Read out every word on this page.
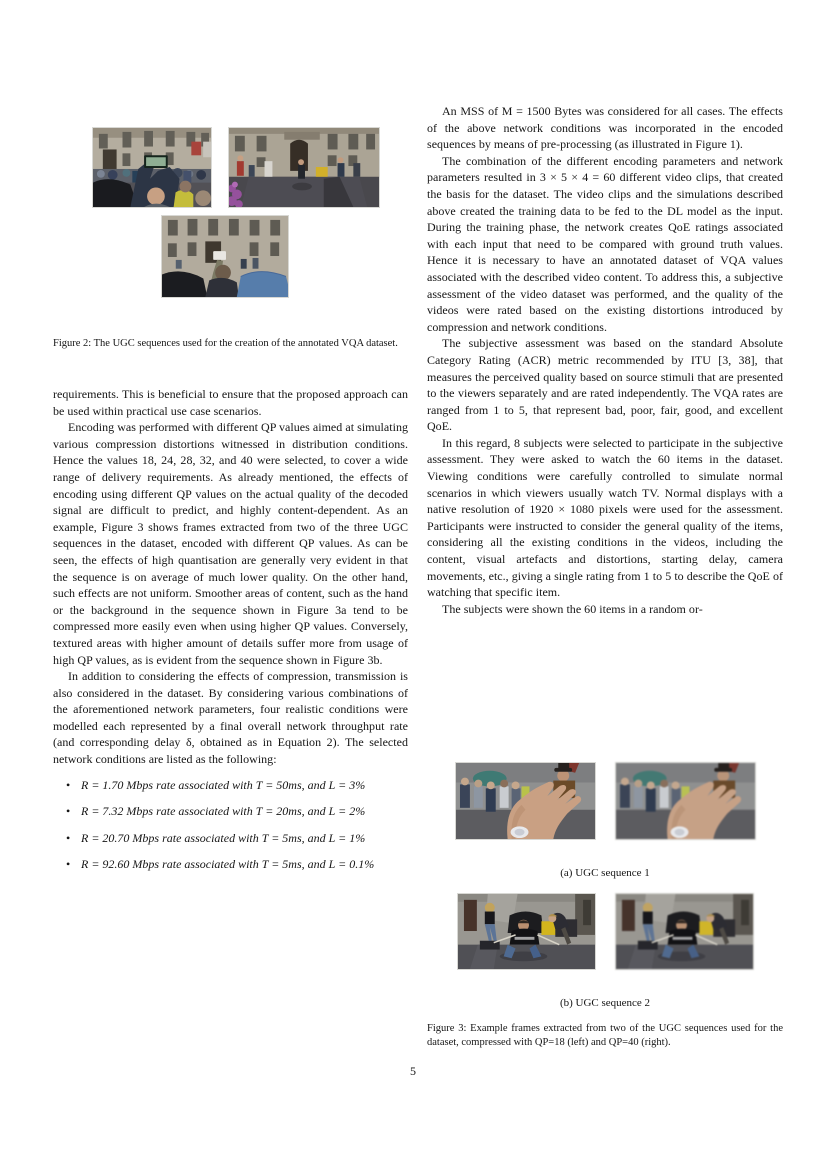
Figure 2: The UGC sequences used for the creation of the annotated VQA dataset.

requirements. This is beneficial to ensure that the proposed approach can be used within practical use case scenarios.

Encoding was performed with different QP values aimed at simulating various compression distortions witnessed in distribution conditions. Hence the values 18, 24, 28, 32, and 40 were selected, to cover a wide range of delivery requirements. As already mentioned, the effects of encoding using different QP values on the actual quality of the decoded signal are difficult to predict, and highly content-dependent. As an example, Figure 3 shows frames extracted from two of the three UGC sequences in the dataset, encoded with different QP values. As can be seen, the effects of high quantisation are generally very evident in that the sequence is on average of much lower quality. On the other hand, such effects are not uniform. Smoother areas of content, such as the hand or the background in the sequence shown in Figure 3a tend to be compressed more easily even when using higher QP values. Conversely, textured areas with higher amount of details suffer more from usage of high QP values, as is evident from the sequence shown in Figure 3b.

In addition to considering the effects of compression, transmission is also considered in the dataset. By considering various combinations of the aforementioned network parameters, four realistic conditions were modelled each represented by a final overall network throughput rate (and corresponding delay δ, obtained as in Equation 2). The selected network conditions are listed as the following:

• R = 1.70 Mbps rate associated with T = 50ms, and L = 3%
• R = 7.32 Mbps rate associated with T = 20ms, and L = 2%
• R = 20.70 Mbps rate associated with T = 5ms, and L = 1%
• R = 92.60 Mbps rate associated with T = 5ms, and L = 0.1%

An MSS of M = 1500 Bytes was considered for all cases. The effects of the above network conditions was incorporated in the encoded sequences by means of pre-processing (as illustrated in Figure 1).

The combination of the different encoding parameters and network parameters resulted in 3 × 5 × 4 = 60 different video clips, that created the basis for the dataset. The video clips and the simulations described above created the training data to be fed to the DL model as the input. During the training phase, the network creates QoE ratings associated with each input that need to be compared with ground truth values. Hence it is necessary to have an annotated dataset of VQA values associated with the described video content. To address this, a subjective assessment of the video dataset was performed, and the quality of the videos were rated based on the existing distortions introduced by compression and network conditions.

The subjective assessment was based on the standard Absolute Category Rating (ACR) metric recommended by ITU [3, 38], that measures the perceived quality based on source stimuli that are presented to the viewers separately and are rated independently. The VQA rates are ranged from 1 to 5, that represent bad, poor, fair, good, and excellent QoE.

In this regard, 8 subjects were selected to participate in the subjective assessment. They were asked to watch the 60 items in the dataset. Viewing conditions were carefully controlled to simulate normal scenarios in which viewers usually watch TV. Normal displays with a native resolution of 1920 × 1080 pixels were used for the assessment. Participants were instructed to consider the general quality of the items, considering all the existing conditions in the videos, including the content, visual artefacts and distortions, starting delay, camera movements, etc., giving a single rating from 1 to 5 to describe the QoE of watching that specific item.

The subjects were shown the 60 items in a random or-

(a) UGC sequence 1
(b) UGC sequence 2
Figure 3: Example frames extracted from two of the UGC sequences used for the dataset, compressed with QP=18 (left) and QP=40 (right).
5
